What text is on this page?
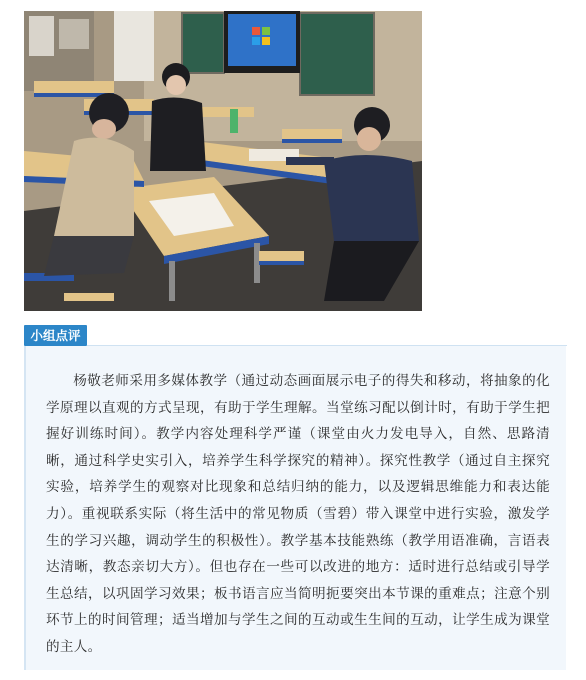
小组点评

杨敬老师采用多媒体教学（通过动态画面展示电子的得失和移动，将抽象的化学原理以直观的方式呈现，有助于学生理解。当堂练习配以倒计时，有助于学生把握好训练时间）。教学内容处理科学严谨（课堂由火力发电导入，自然、思路清晰，通过科学史实引入，培养学生科学探究的精神）。探究性教学（通过自主探究实验，培养学生的观察对比现象和总结归纳的能力，以及逻辑思维能力和表达能力）。重视联系实际（将生活中的常见物质（雪碧）带入课堂中进行实验，激发学生的学习兴趣，调动学生的积极性）。教学基本技能熟练（教学用语准确，言语表达清晰，教态亲切大方）。但也存在一些可以改进的地方：适时进行总结或引导学生总结，以巩固学习效果；板书语言应当简明扼要突出本节课的重难点；注意个别环节上的时间管理；适当增加与学生之间的互动或生生间的互动，让学生成为课堂的主人。
